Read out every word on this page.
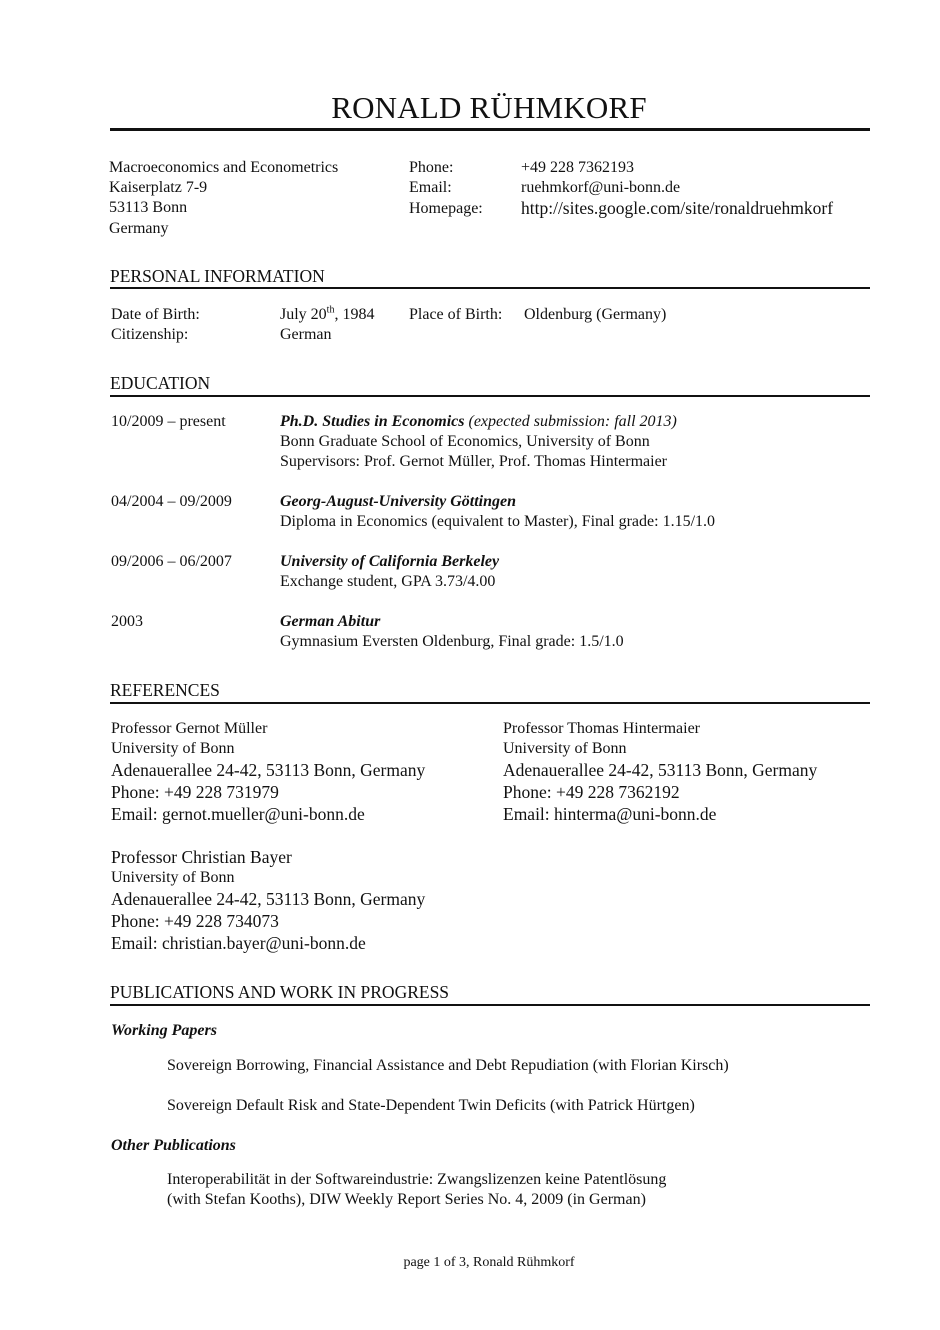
RONALD RÜHMKORF
Macroeconomics and Econometrics
Kaiserplatz 7-9
53113 Bonn
Germany
Phone:	+49 228 7362193
Email:	ruehmkorf@uni-bonn.de
Homepage: http://sites.google.com/site/ronaldruehmkorf
PERSONAL INFORMATION
Date of Birth:	July 20th, 1984 Place of Birth: Oldenburg (Germany)
Citizenship:	German
EDUCATION
10/2009 – present	Ph.D. Studies in Economics (expected submission: fall 2013)
Bonn Graduate School of Economics, University of Bonn
Supervisors: Prof. Gernot Müller, Prof. Thomas Hintermaier
04/2004 – 09/2009	Georg-August-University Göttingen
Diploma in Economics (equivalent to Master), Final grade: 1.15/1.0
09/2006 – 06/2007	University of California Berkeley
Exchange student, GPA 3.73/4.00
2003	German Abitur
Gymnasium Eversten Oldenburg, Final grade: 1.5/1.0
REFERENCES
Professor Gernot Müller
University of Bonn
Adenauerallee 24-42, 53113 Bonn, Germany
Phone: +49 228 731979
Email: gernot.mueller@uni-bonn.de
Professor Thomas Hintermaier
University of Bonn
Adenauerallee 24-42, 53113 Bonn, Germany
Phone: +49 228 7362192
Email: hinterma@uni-bonn.de
Professor Christian Bayer
University of Bonn
Adenauerallee 24-42, 53113 Bonn, Germany
Phone: +49 228 734073
Email: christian.bayer@uni-bonn.de
PUBLICATIONS AND WORK IN PROGRESS
Working Papers
Sovereign Borrowing, Financial Assistance and Debt Repudiation (with Florian Kirsch)
Sovereign Default Risk and State-Dependent Twin Deficits (with Patrick Hürtgen)
Other Publications
Interoperabilität in der Softwareindustrie: Zwangslizenzen keine Patentlösung
(with Stefan Kooths), DIW Weekly Report Series No. 4, 2009 (in German)
page 1 of 3, Ronald Rühmkorf
